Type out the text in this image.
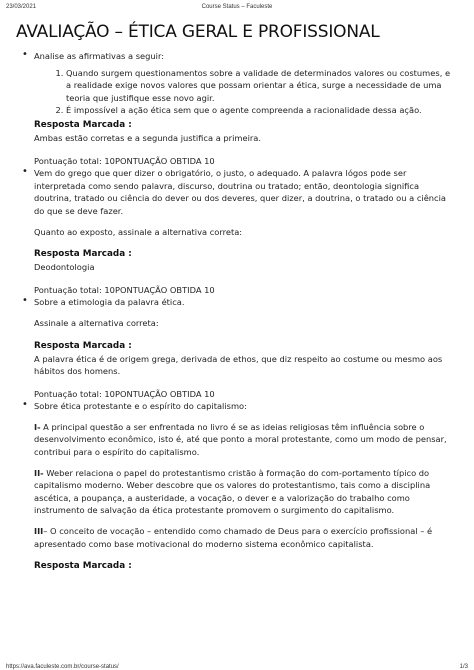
23/03/2021	Course Status – Faculeste
AVALIAÇÃO – ÉTICA GERAL E PROFISSIONAL

• Analise as afirmativas a seguir:

1. Quando surgem questionamentos sobre a validade de determinados valores ou costumes, e a realidade exige novos valores que possam orientar a ética, surge a necessidade de uma teoria que justifique esse novo agir.
2. É impossível a ação ética sem que o agente compreenda a racionalidade dessa ação.
Resposta Marcada :

Ambas estão corretas e a segunda justifica a primeira.

Pontuação total: 10PONTUAÇÃO OBTIDA 10

• Vem do grego que quer dizer o obrigatório, o justo, o adequado. A palavra lógos pode ser interpretada como sendo palavra, discurso, doutrina ou tratado; então, deontologia significa doutrina, tratado ou ciência do dever ou dos deveres, quer dizer, a doutrina, o tratado ou a ciência do que se deve fazer.

Quanto ao exposto, assinale a alternativa correta:

Resposta Marcada :

Deodontologia

Pontuação total: 10PONTUAÇÃO OBTIDA 10

• Sobre a etimologia da palavra ética.

Assinale a alternativa correta:

Resposta Marcada :

A palavra ética é de origem grega, derivada de ethos, que diz respeito ao costume ou mesmo aos hábitos dos homens.

Pontuação total: 10PONTUAÇÃO OBTIDA 10

• Sobre ética protestante e o espírito do capitalismo:

I- A principal questão a ser enfrentada no livro é se as ideias religiosas têm influência sobre o desenvolvimento econômico, isto é, até que ponto a moral protestante, como um modo de pensar, contribui para o espírito do capitalismo.

II- Weber relaciona o papel do protestantismo cristão à formação do com-portamento típico do capitalismo moderno. Weber descobre que os valores do protestantismo, tais como a disciplina ascética, a poupança, a austeridade, a vocação, o dever e a valorização do trabalho como instrumento de salvação da ética protestante promovem o surgimento do capitalismo.

III– O conceito de vocação – entendido como chamado de Deus para o exercício profissional – é apresentado como base motivacional do moderno sistema econômico capitalista.

Resposta Marcada :
https://ava.faculeste.com.br/course-status/	1/3
